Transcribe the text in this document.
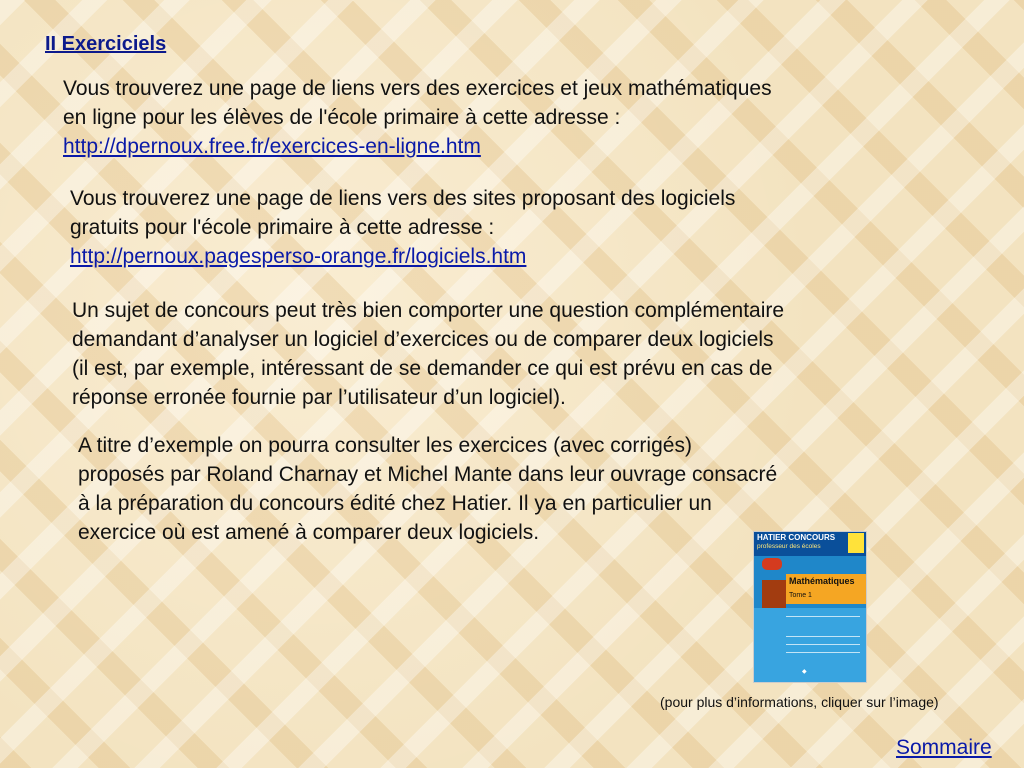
II Exerciciels
Vous trouverez une page de liens vers des exercices et jeux mathématiques
en ligne pour les élèves de l'école primaire à cette adresse :
http://dpernoux.free.fr/exercices-en-ligne.htm
Vous trouverez une page de liens vers des sites proposant des logiciels
gratuits pour l'école primaire à cette adresse :
http://pernoux.pagesperso-orange.fr/logiciels.htm
Un sujet de concours peut très bien comporter une question complémentaire
demandant d’analyser un logiciel d’exercices ou de comparer deux logiciels
(il est, par exemple, intéressant de se demander ce qui est prévu en cas de
réponse erronée fournie par l’utilisateur d’un logiciel).
A titre d’exemple on pourra consulter les exercices (avec corrigés)
proposés par Roland Charnay et Michel Mante dans leur ouvrage consacré
à la préparation du concours édité chez Hatier. Il ya en particulier un
exercice où est amené à comparer deux logiciels.	HATIER CONCOURS
professeur des écoles
Mathématiques
Tome 1
◆
(pour plus d’informations, cliquer sur l’image)
Sommaire
